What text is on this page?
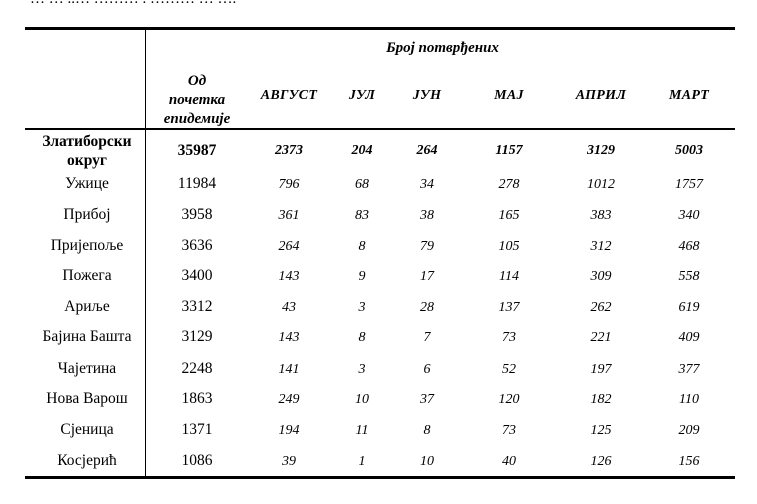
Број потврђених
Од
почетка
епидемије
АВГУСТ ЈУЛ	ЈУН	МАЈ	АПРИЛ	МАРТ
Златиборски
округ
35987	2373	204	264	1157	3129	5003
Ужице	11984	796	68	34	278	1012	1757
Прибој	3958	361	83	38	165	383	340
Пријепоље	3636	264	8	79	105	312	468
Пожега	3400	143	9	17	114	309	558
Ариље	3312	43	3	28	137	262	619
Бајина Башта	3129	143	8	7	73	221	409
Чајетина	2248	141	3	6	52	197	377
Нова Варош	1863	249	10	37	120	182	110
Сјеница	1371	194	11	8	73	125	209
Косјерић	1086	39	1	10	40	126	156
